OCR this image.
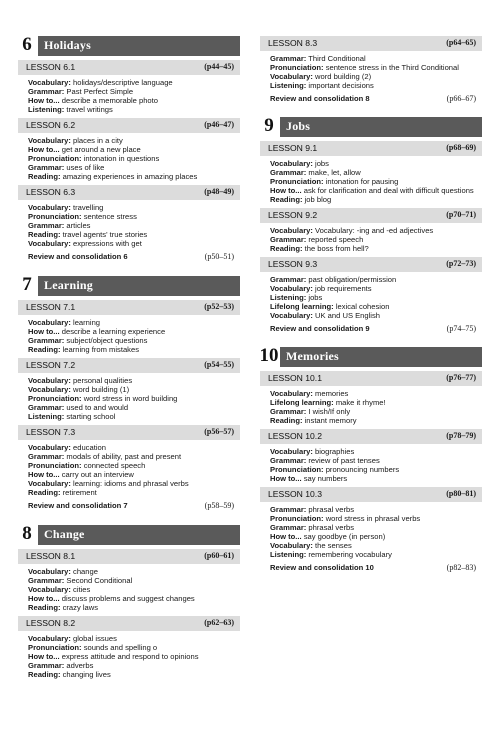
6	Holidays
LESSON 6.1	(p44–45)
Vocabulary: holidays/descriptive language
Grammar: Past Perfect Simple
How to... describe a memorable photo
Listening: travel writings
LESSON 6.2	(p46–47)
Vocabulary: places in a city
How to... get around a new place
Pronunciation: intonation in questions
Grammar: uses of like
Reading: amazing experiences in amazing places
LESSON 6.3	(p48–49)
Vocabulary: travelling
Pronunciation: sentence stress
Grammar: articles
Reading: travel agents' true stories
Vocabulary: expressions with get
Review and consolidation 6	(p50–51)
7	Learning
LESSON 7.1	(p52–53)
Vocabulary: learning
How to... describe a learning experience
Grammar: subject/object questions
Reading: learning from mistakes
LESSON 7.2	(p54–55)
Vocabulary: personal qualities
Vocabulary: word building (1)
Pronunciation: word stress in word building
Grammar: used to and would
Listening: starting school
LESSON 7.3	(p56–57)
Vocabulary: education
Grammar: modals of ability, past and present
Pronunciation: connected speech
How to... carry out an interview
Vocabulary: learning: idioms and phrasal verbs
Reading: retirement
Review and consolidation 7	(p58–59)
8	Change
LESSON 8.1	(p60–61)
Vocabulary: change
Grammar: Second Conditional
Vocabulary: cities
How to... discuss problems and suggest changes
Reading: crazy laws
LESSON 8.2	(p62–63)
Vocabulary: global issues
Pronunciation: sounds and spelling o
How to... express attitude and respond to opinions
Grammar: adverbs
Reading: changing lives
LESSON 8.3	(p64–65)
Grammar: Third Conditional
Pronunciation: sentence stress in the Third Conditional
Vocabulary: word building (2)
Listening: important decisions
Review and consolidation 8	(p66–67)
9	Jobs
LESSON 9.1	(p68–69)
Vocabulary: jobs
Grammar: make, let, allow
Pronunciation: intonation for pausing
How to... ask for clarification and deal with difficult questions
Reading: job blog
LESSON 9.2	(p70–71)
Vocabulary: Vocabulary: -ing and -ed adjectives
Grammar: reported speech
Reading: the boss from hell?
LESSON 9.3	(p72–73)
Grammar: past obligation/permission
Vocabulary: job requirements
Listening: jobs
Lifelong learning: lexical cohesion
Vocabulary: UK and US English
Review and consolidation 9	(p74–75)
10 Memories
LESSON 10.1	(p76–77)
Vocabulary: memories
Lifelong learning: make it rhyme!
Grammar: I wish/If only
Reading: instant memory
LESSON 10.2	(p78–79)
Vocabulary: biographies
Grammar: review of past tenses
Pronunciation: pronouncing numbers
How to... say numbers
LESSON 10.3	(p80–81)
Grammar: phrasal verbs
Pronunciation: word stress in phrasal verbs
Grammar: phrasal verbs
How to... say goodbye (in person)
Vocabulary: the senses
Listening: remembering vocabulary
Review and consolidation 10	(p82–83)
